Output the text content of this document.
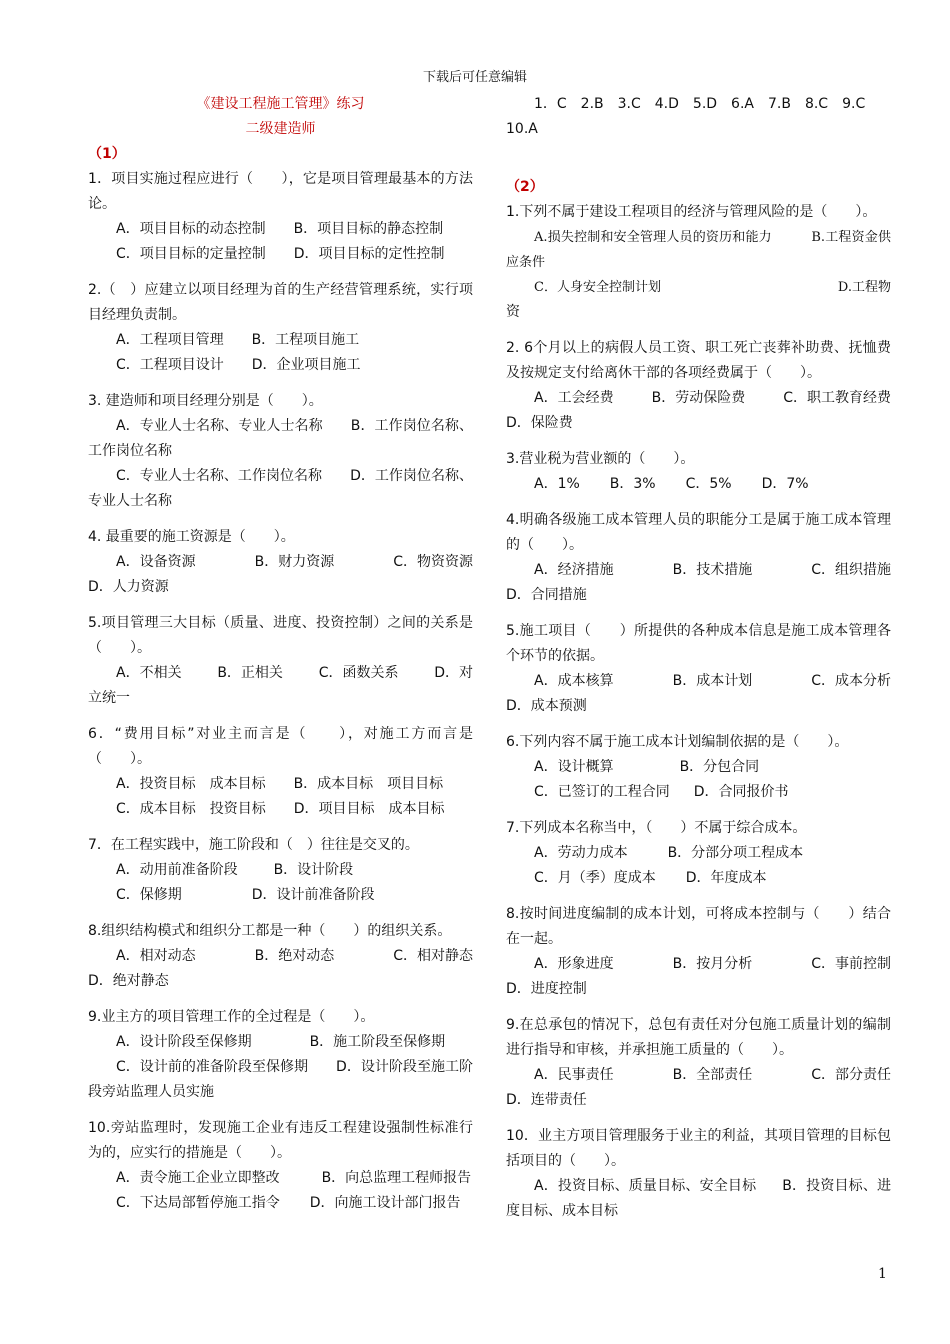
下载后可任意编辑
《建设工程施工管理》练习
二级建造师
（1）
1．项目实施过程应进行（　　），它是项目管理最基本的方法论。
A．项目目标的动态控制 B．项目目标的静态控制
C．项目目标的定量控制 D．项目目标的定性控制
2.（　）应建立以项目经理为首的生产经营管理系统，实行项目经理负责制。
A．工程项目管理 B．工程项目施工
C．工程项目设计 D．企业项目施工
3. 建造师和项目经理分别是（　　）。
A．专业人士名称、专业人士名称　　B．工作岗位名称、工作岗位名称
C．专业人士名称、工作岗位名称　　D．工作岗位名称、专业人士名称
4. 最重要的施工资源是（　　）。
A．设备资源	B．财力资源	C．物资资源
D．人力资源
5.项目管理三大目标（质量、进度、投资控制）之间的关系是（　　）。
A．不相关	B．正相关	C．函数关系	D．对
立统一
6．“费用目标”对业主而言是（　　），对施工方而言是（　　）。
A．投资目标　成本目标 B．成本目标　项目目标
C．成本目标　投资目标 D．项目目标　成本目标
7．在工程实践中，施工阶段和（　）往往是交叉的。
A．动用前准备阶段	B．设计阶段
C．保修期	D．设计前准备阶段
8.组织结构模式和组织分工都是一种（　　）的组织关系。
A．相对动态	B．绝对动态	C．相对静态
D．绝对静态
9.业主方的项目管理工作的全过程是（　　）。
A．设计阶段至保修期	B．施工阶段至保修期
C．设计前的准备阶段至保修期　　D．设计阶段至施工阶段旁站监理人员实施
10.旁站监理时，发现施工企业有违反工程建设强制性标准行为的，应实行的措施是（　　）。
A．责令施工企业立即整改　　　B．向总监理工程师报告
C．下达局部暂停施工指令 D．向施工设计部门报告
1．C　2.B　3.C　4.D　5.D　6.A　7.B　8.C　9.C
10.A
（2）
1.下列不属于建设工程项目的经济与管理风险的是（　　）。
A.损失控制和安全管理人员的资历和能力　　　B.工程资金供应条件
C．人身安全控制计划	D.工程物
资
2. 6个月以上的病假人员工资、职工死亡丧葬补助费、抚恤费及按规定支付给离休干部的各项经费属于（　　）。
A．工会经费	B．劳动保险费	C．职工教育经费
D．保险费
3.营业税为营业额的（　　）。
A．1% B．3% C．5% D．7%
4.明确各级施工成本管理人员的职能分工是属于施工成本管理的（　　）。
A．经济措施	B．技术措施	C．组织措施
D．合同措施
5.施工项目（　　）所提供的各种成本信息是施工成本管理各个环节的依据。
A．成本核算	B．成本计划	C．成本分析
D．成本预测
6.下列内容不属于施工成本计划编制依据的是（　　）。
A．设计概算	B．分包合同
C．已签订的工程合同 D．合同报价书
7.下列成本名称当中，（　　）不属于综合成本。
A．劳动力成本	B．分部分项工程成本
C．月（季）度成本 D．年度成本
8.按时间进度编制的成本计划，可将成本控制与（　　）结合在一起。
A．形象进度	B．按月分析	C．事前控制
D．进度控制
9.在总承包的情况下，总包有责任对分包施工质量计划的编制进行指导和审核，并承担施工质量的（　　）。
A．民事责任	B．全部责任	C．部分责任
D．连带责任
10．业主方项目管理服务于业主的利益，其项目管理的目标包括项目的（　　）。
A．投资目标、质量目标、安全目标 B．投资目标、进度目标、成本目标
1
